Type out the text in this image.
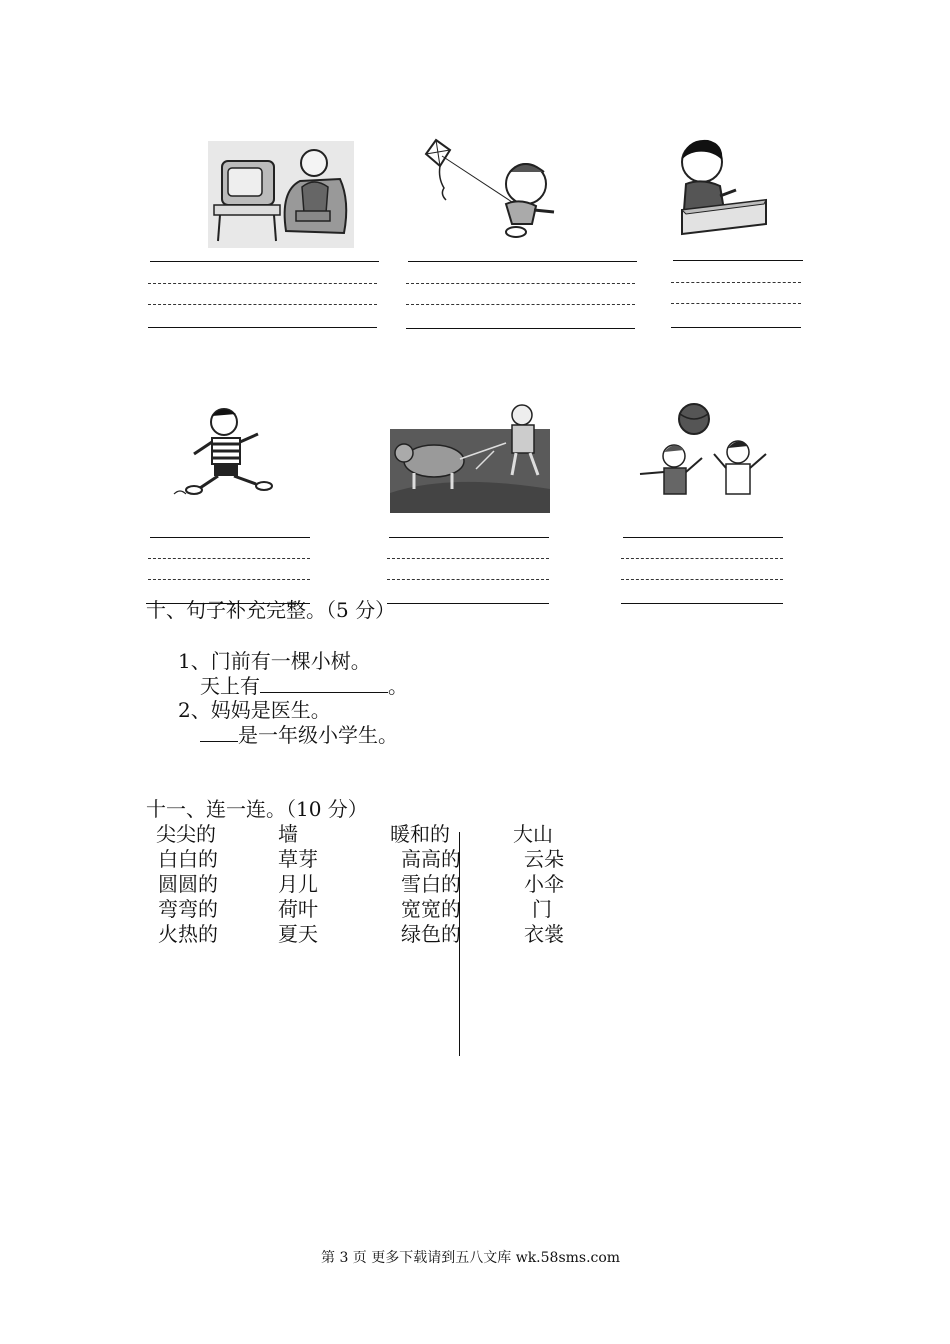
十、句子补充完整。（5 分）
1、门前有一棵小树。
天上有	。
2、妈妈是医生。
是一年级小学生。
十一、连一连。（10 分）
尖尖的
白白的
圆圆的
弯弯的
火热的
墙
草芽
月儿
荷叶
夏天
暖和的
高高的
雪白的
宽宽的
绿色的
大山
云朵
小伞
门
衣裳
第 3 页 更多下载请到五八文库 wk.58sms.com
